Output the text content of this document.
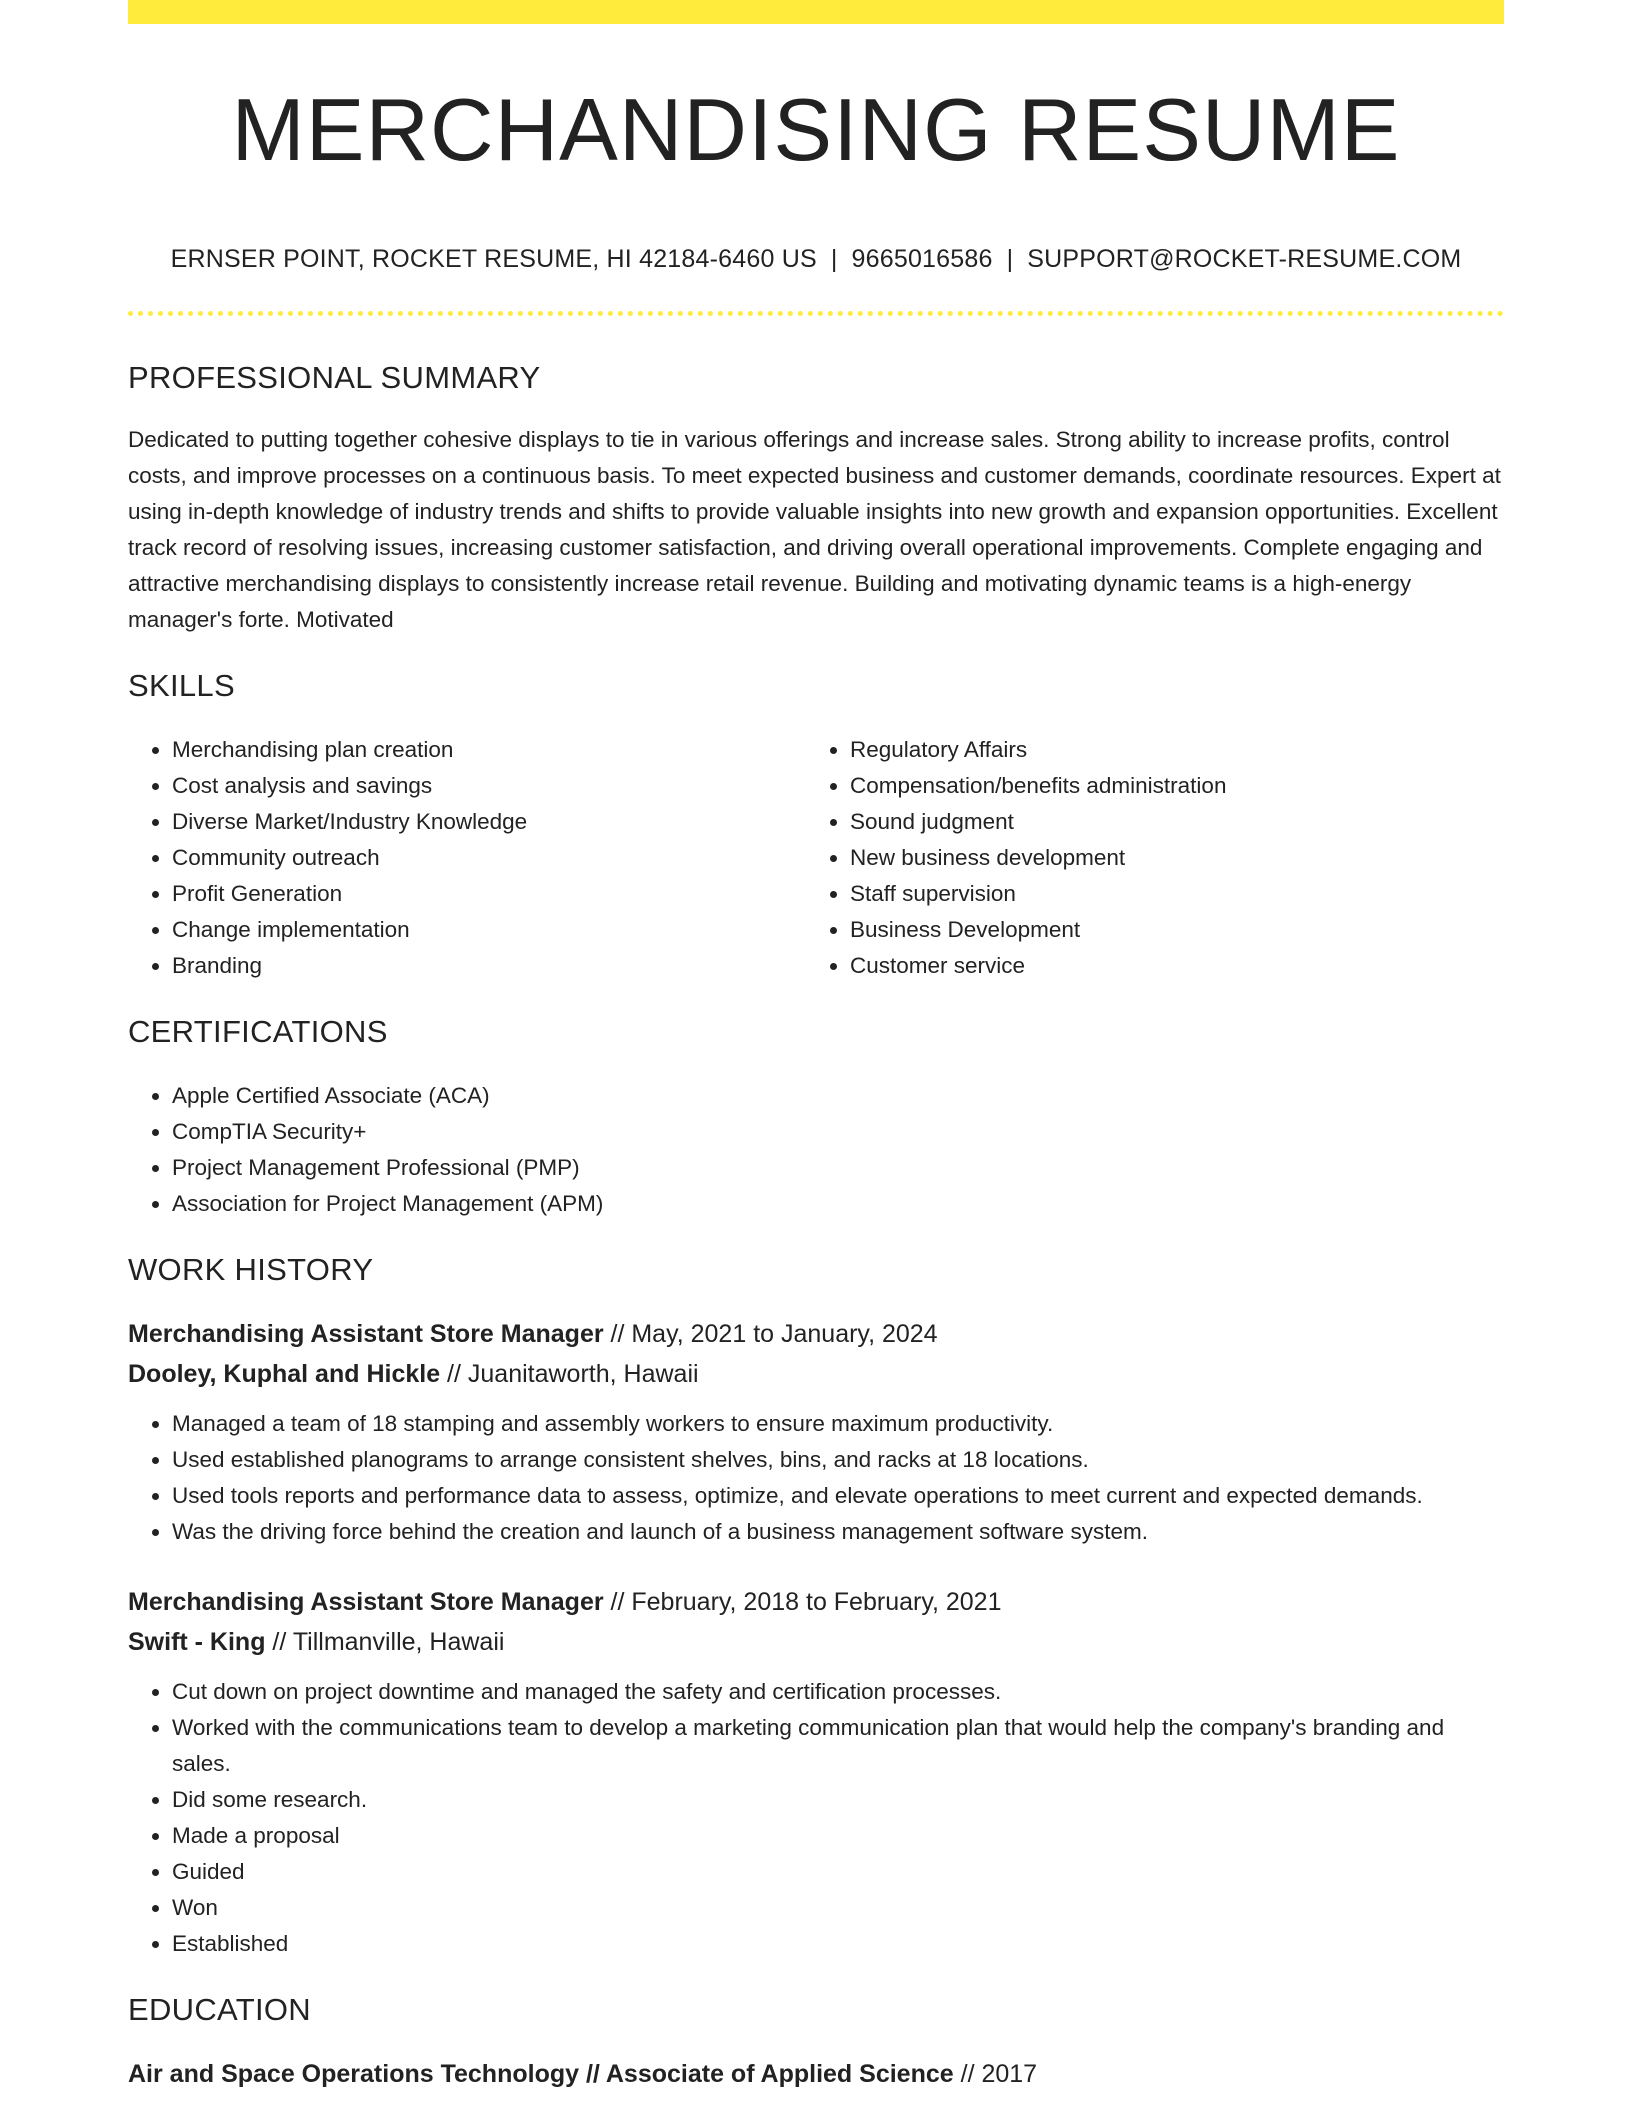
MERCHANDISING RESUME
ERNSER POINT, ROCKET RESUME, HI 42184-6460 US | 9665016586 | SUPPORT@ROCKET-RESUME.COM
PROFESSIONAL SUMMARY
Dedicated to putting together cohesive displays to tie in various offerings and increase sales. Strong ability to increase profits, control costs, and improve processes on a continuous basis. To meet expected business and customer demands, coordinate resources. Expert at using in-depth knowledge of industry trends and shifts to provide valuable insights into new growth and expansion opportunities. Excellent track record of resolving issues, increasing customer satisfaction, and driving overall operational improvements. Complete engaging and attractive merchandising displays to consistently increase retail revenue. Building and motivating dynamic teams is a high-energy manager's forte. Motivated
SKILLS
• Merchandising plan creation
• Cost analysis and savings
• Diverse Market/Industry Knowledge
• Community outreach
• Profit Generation
• Change implementation
• Branding
• Regulatory Affairs
• Compensation/benefits administration
• Sound judgment
• New business development
• Staff supervision
• Business Development
• Customer service
CERTIFICATIONS
• Apple Certified Associate (ACA)
• CompTIA Security+
• Project Management Professional (PMP)
• Association for Project Management (APM)
WORK HISTORY
Merchandising Assistant Store Manager // May, 2021 to January, 2024
Dooley, Kuphal and Hickle // Juanitaworth, Hawaii
• Managed a team of 18 stamping and assembly workers to ensure maximum productivity.
• Used established planograms to arrange consistent shelves, bins, and racks at 18 locations.
• Used tools reports and performance data to assess, optimize, and elevate operations to meet current and expected demands.
• Was the driving force behind the creation and launch of a business management software system.
Merchandising Assistant Store Manager // February, 2018 to February, 2021
Swift - King // Tillmanville, Hawaii
• Cut down on project downtime and managed the safety and certification processes.
• Worked with the communications team to develop a marketing communication plan that would help the company's branding and sales.
• Did some research.
• Made a proposal
• Guided
• Won
• Established
EDUCATION
Air and Space Operations Technology // Associate of Applied Science // 2017
